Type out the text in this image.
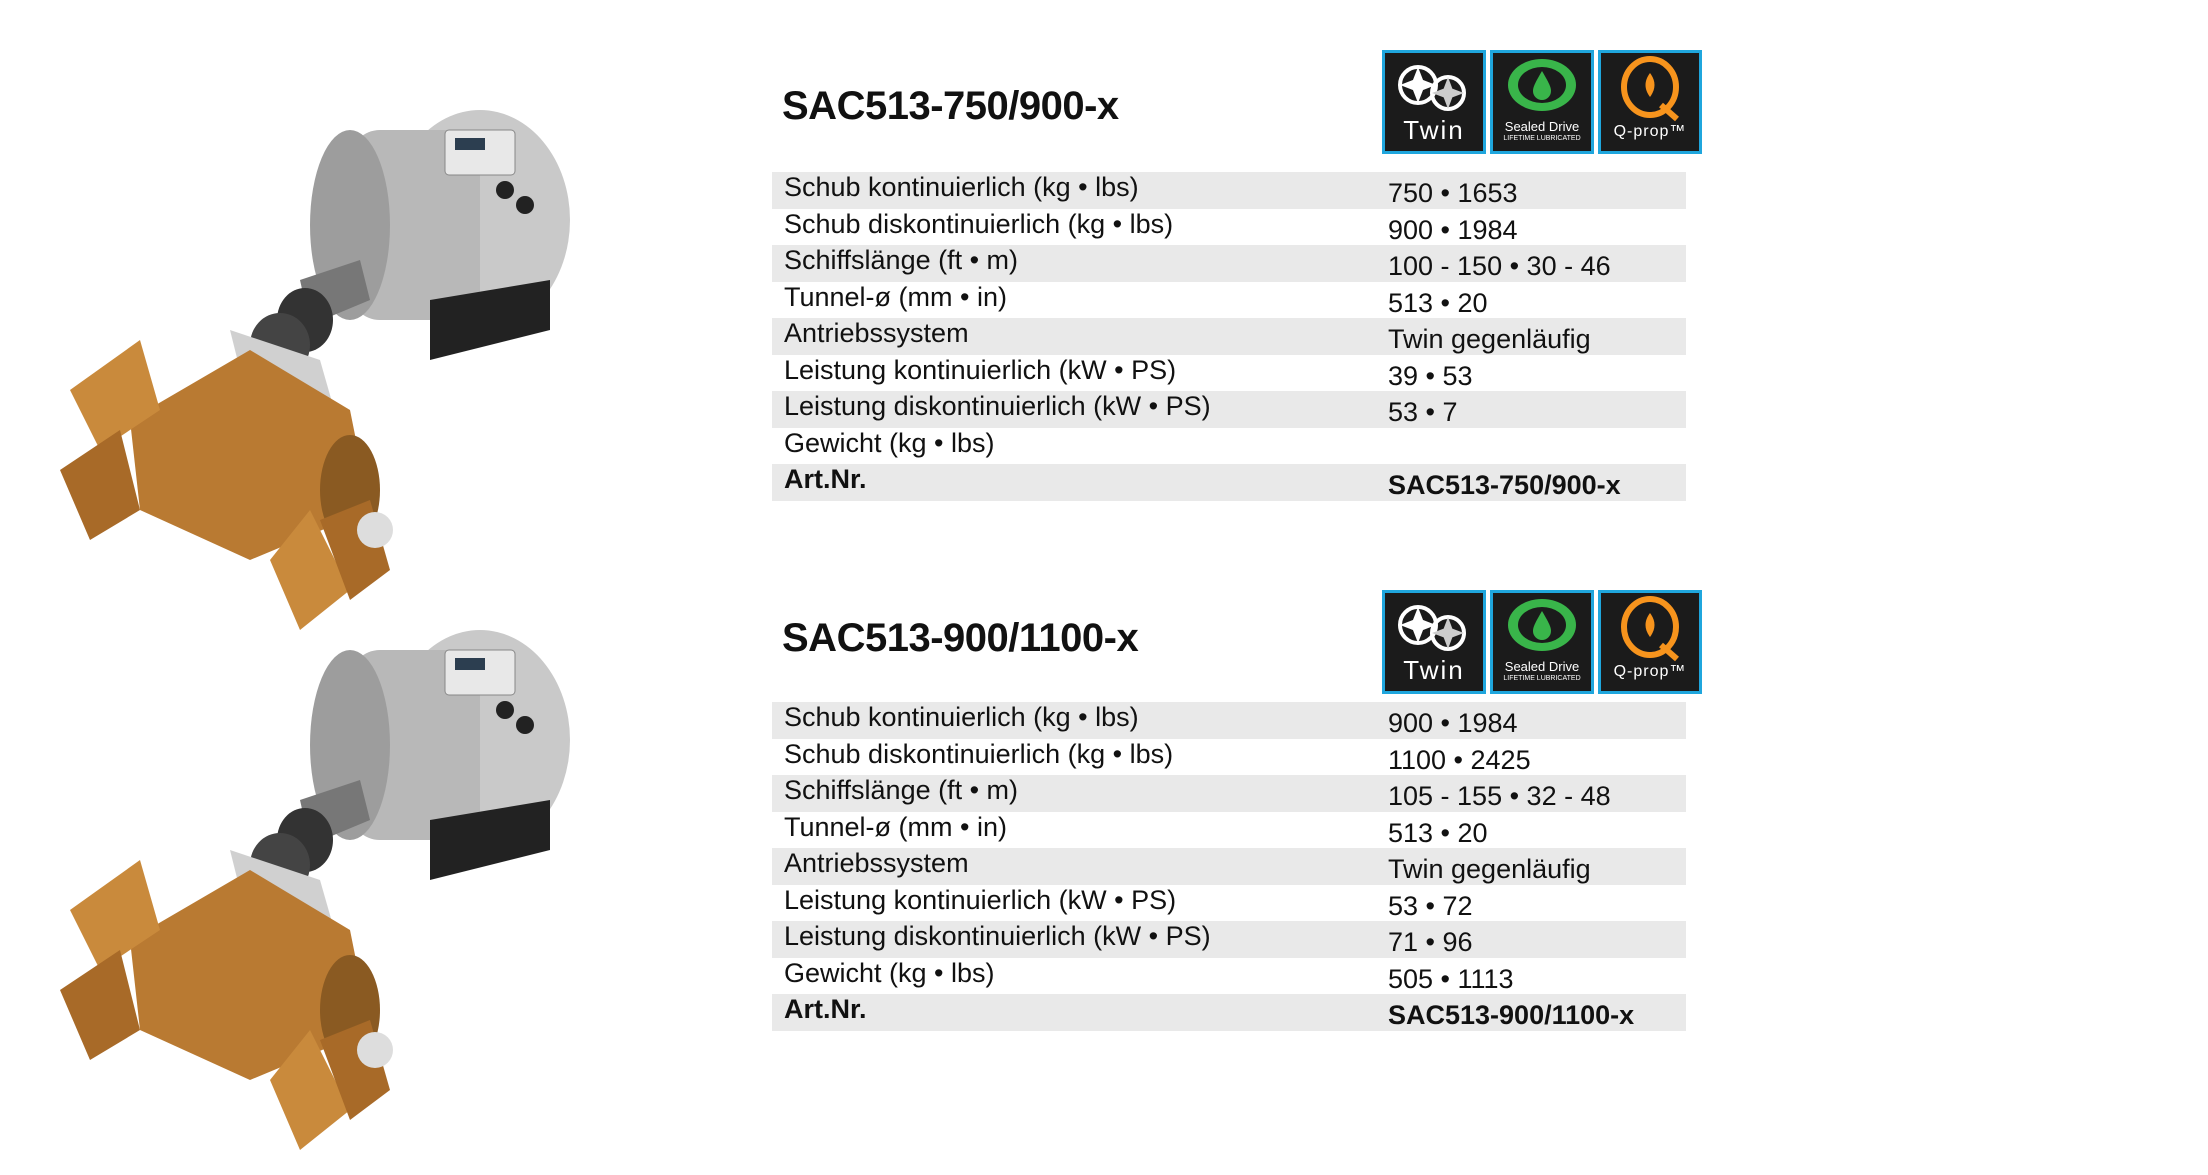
SAC513-750/900-x
Twin	Sealed Drive
LIFETIME LUBRICATED	Q-prop™
Schub kontinuierlich (kg • lbs)	750 • 1653
Schub diskontinuierlich (kg • lbs)	900 • 1984
Schiffslänge (ft • m)	100 - 150 • 30 - 46
Tunnel-ø (mm • in)	513 • 20
Antriebssystem	Twin gegenläufig
Leistung kontinuierlich (kW • PS)	39 • 53
Leistung diskontinuierlich (kW • PS)	53 • 7
Gewicht (kg • lbs)
Art.Nr.	SAC513-750/900-x
SAC513-900/1100-x
Twin	Sealed Drive
LIFETIME LUBRICATED	Q-prop™
Schub kontinuierlich (kg • lbs)	900 • 1984
Schub diskontinuierlich (kg • lbs)	1100 • 2425
Schiffslänge (ft • m)	105 - 155 • 32 - 48
Tunnel-ø (mm • in)	513 • 20
Antriebssystem	Twin gegenläufig
Leistung kontinuierlich (kW • PS)	53 • 72
Leistung diskontinuierlich (kW • PS)	71 • 96
Gewicht (kg • lbs)	505 • 1113
Art.Nr.	SAC513-900/1100-x
